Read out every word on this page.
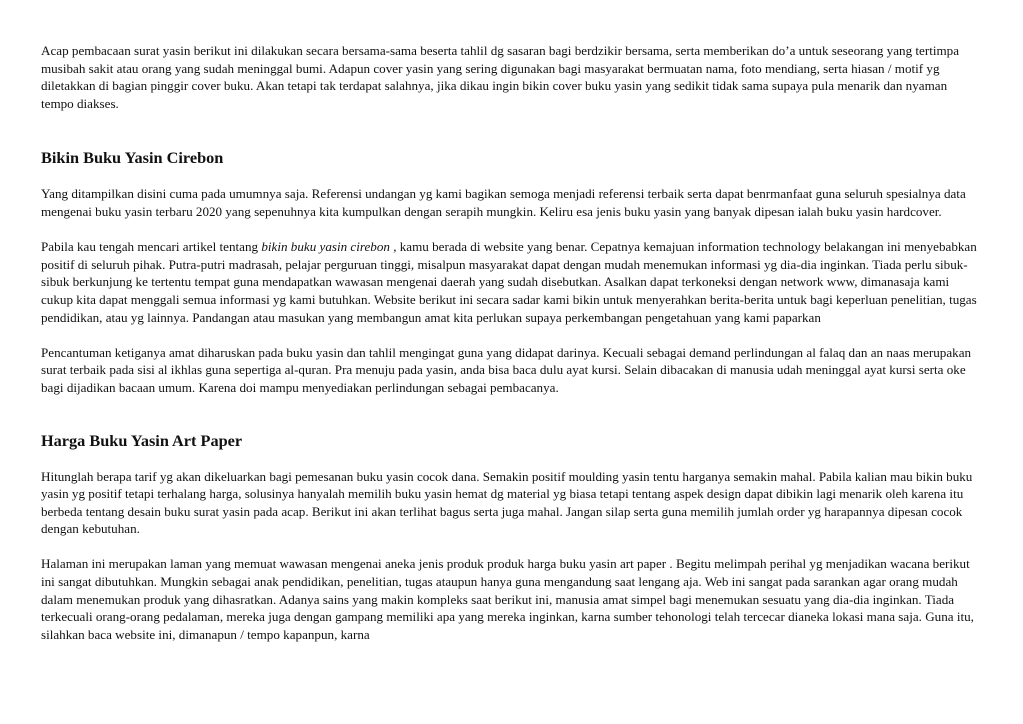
Acap pembacaan surat yasin berikut ini dilakukan secara bersama-sama beserta tahlil dg sasaran bagi berdzikir bersama, serta memberikan do’a untuk seseorang yang tertimpa musibah sakit atau orang yang sudah meninggal bumi. Adapun cover yasin yang sering digunakan bagi masyarakat bermuatan nama, foto mendiang, serta hiasan / motif yg diletakkan di bagian pinggir cover buku. Akan tetapi tak terdapat salahnya, jika dikau ingin bikin cover buku yasin yang sedikit tidak sama supaya pula menarik dan nyaman tempo diakses.

Bikin Buku Yasin Cirebon

Yang ditampilkan disini cuma pada umumnya saja. Referensi undangan yg kami bagikan semoga menjadi referensi terbaik serta dapat benrmanfaat guna seluruh spesialnya data mengenai buku yasin terbaru 2020 yang sepenuhnya kita kumpulkan dengan serapih mungkin. Keliru esa jenis buku yasin yang banyak dipesan ialah buku yasin hardcover.

Pabila kau tengah mencari artikel tentang bikin buku yasin cirebon , kamu berada di website yang benar. Cepatnya kemajuan information technology belakangan ini menyebabkan positif di seluruh pihak. Putra-putri madrasah, pelajar perguruan tinggi, misalpun masyarakat dapat dengan mudah menemukan informasi yg dia-dia inginkan. Tiada perlu sibuk-sibuk berkunjung ke tertentu tempat guna mendapatkan wawasan mengenai daerah yang sudah disebutkan. Asalkan dapat terkoneksi dengan network www, dimanasaja kami cukup kita dapat menggali semua informasi yg kami butuhkan. Website berikut ini secara sadar kami bikin untuk menyerahkan berita-berita untuk bagi keperluan penelitian, tugas pendidikan, atau yg lainnya. Pandangan atau masukan yang membangun amat kita perlukan supaya perkembangan pengetahuan yang kami paparkan

Pencantuman ketiganya amat diharuskan pada buku yasin dan tahlil mengingat guna yang didapat darinya. Kecuali sebagai demand perlindungan al falaq dan an naas merupakan surat terbaik pada sisi al ikhlas guna sepertiga al-quran. Pra menuju pada yasin, anda bisa baca dulu ayat kursi. Selain dibacakan di manusia udah meninggal ayat kursi serta oke bagi dijadikan bacaan umum. Karena doi mampu menyediakan perlindungan sebagai pembacanya.

Harga Buku Yasin Art Paper

Hitunglah berapa tarif yg akan dikeluarkan bagi pemesanan buku yasin cocok dana. Semakin positif moulding yasin tentu harganya semakin mahal. Pabila kalian mau bikin buku yasin yg positif tetapi terhalang harga, solusinya hanyalah memilih buku yasin hemat dg material yg biasa tetapi tentang aspek design dapat dibikin lagi menarik oleh karena itu berbeda tentang desain buku surat yasin pada acap. Berikut ini akan terlihat bagus serta juga mahal. Jangan silap serta guna memilih jumlah order yg harapannya dipesan cocok dengan kebutuhan.

Halaman ini merupakan laman yang memuat wawasan mengenai aneka jenis produk produk harga buku yasin art paper . Begitu melimpah perihal yg menjadikan wacana berikut ini sangat dibutuhkan. Mungkin sebagai anak pendidikan, penelitian, tugas ataupun hanya guna mengandung saat lengang aja. Web ini sangat pada sarankan agar orang mudah dalam menemukan produk yang dihasratkan. Adanya sains yang makin kompleks saat berikut ini, manusia amat simpel bagi menemukan sesuatu yang dia-dia inginkan. Tiada terkecuali orang-orang pedalaman, mereka juga dengan gampang memiliki apa yang mereka inginkan, karna sumber tehonologi telah tercecar dianeka lokasi mana saja. Guna itu, silahkan baca website ini, dimanapun / tempo kapanpun, karna
